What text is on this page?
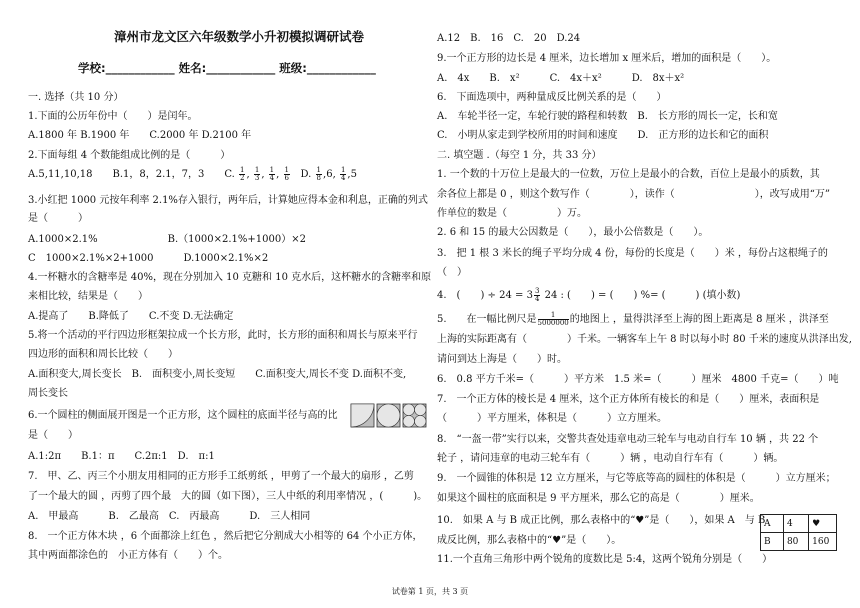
漳州市龙文区六年级数学小升初模拟调研试卷
学校:____________ 姓名:____________ 班级:____________
一. 选择（共 10 分）
1.下面的公历年份中（　　）是闰年。
A.1800 年 B.1900 年　　C.2000 年 D.2100 年
2.下面每组 4 个数能组成比例的是（　　　）
A.5,11,10,18　　B.1，8，2.1，7，3　　C. $\frac{1}{2}$ , $\frac{1}{3}$ , $\frac{1}{4}$ , $\frac{1}{6} D$. $\frac{1}{8} ,6$, $\frac{1}{4} ,5$
3.小红把 1000 元按年利率 2.1%存入银行，两年后，计算她应得本金和利息，正确的列式
是（　　　）
A.1000×2.1%　　　　　　　B.（1000×2.1%+1000）×2
C　1000×2.1%×2+1000　　　D.1000×2.1%×2
4.一杯糖水的含糖率是 40%，现在分别加入 10 克糖和 10 克水后，这杯糖水的含糖率和原
来相比较，结果是（　　）
A.提高了　　B.降低了　　C.不变 D.无法确定
5.将一个活动的平行四边形框架拉成一个长方形，此时，长方形的面积和周长与原来平行
四边形的面积和周长比较（　　）
A.面积变大,周长变长　B.　面积变小,周长变短　　C.面积变大,周长不变 D.面积不变,
周长变长
6.一个圆柱的侧面展开图是一个正方形，这个圆柱的底面半径与高的比
是（　　）
A.1:2π　　B.1：π　　C.2π:1　D.　π:1
7.　甲、乙、丙三个小朋友用相同的正方形手工纸剪纸 ，甲剪了一个最大的扇形 ，乙剪
了一个最大的圆 ，丙剪了四个最　大的圆（如下图），三人中纸的利用率情况 ，(　　　)。
A.　甲最高　　　B.　乙最高　C.　丙最高　　　D.　三人相同
8.　一个正方体木块 ，6 个面都涂上红色 ，然后把它分割成大小相等的 64 个小正方体，
其中两面都涂色的　小正方体有（　　）个。
A.12　B.　16　C.　20　D.24
9.一个正方形的边长是 4 厘米，边长增加 x 厘米后，增加的面积是（　　）。
A.　4x　　B.　x²　　　C.　4x＋x²　　　D.　8x＋x²
6.　下面选项中，两种量成反比例关系的是（　　）
A.　车轮半径一定，车轮行驶的路程和转数　B.　长方形的周长一定，长和宽
C.　小明从家走到学校所用的时间和速度　　D.　正方形的边长和它的面积
二. 填空题 .（每空 1 分，共 33 分）
1. 一个数的十万位上是最大的一位数，万位上是最小的合数，百位上是最小的质数，其
余各位上都是 0 ，则这个数写作（　　　　），读作（　　　　　　　　），改写成用“万”
作单位的数是（　　　　　）万。
2. 6 和 15 的最大公因数是（　　），最小公倍数是（　　）。
3.　把 1 根 3 米长的绳子平均分成 4 份，每份的长度是（　　）米 ，每份占这根绳子的
（　）
4.　(　　) ÷ $24 = 3 \frac{3}{4} 24$ : (　　) = (　　) %= (　　　) (填小数)
5.　　在一幅比例尺是 $\frac{1}{5000000}$ 的地图上 ，量得洪泽至上海的图上距离是 8 厘米 ，洪泽至
上海的实际距离有（　　　　）千米。一辆客车上午 8 时以每小时 80 千米的速度从洪泽出发,
请问到达上海是（　　）时。
6.　0.8 平方千米=（　　　）平方米　1.5 米=（　　　）厘米　4800 千克=（　　）吨
7.　一个正方体的棱长是 4 厘米，这个正方体所有棱长的和是（　　）厘米，表面积是
（　　　）平方厘米，体积是（　　　）立方厘米。
8.　“一盔一带”实行以来，交警共查处违章电动三轮车与电动自行车 10 辆 ，共 22 个
轮子 ，请问违章的电动三轮车有（　　　）辆 ，电动自行车有（　　　）辆。
9.　一个圆锥的体积是 12 立方厘米，与它等底等高的圆柱的体积是（　　　）立方厘米；
如果这个圆柱的底面积是 9 平方厘米，那么它的高是（　　　　）厘米。
10.　如果 A 与 B 成正比例，那么表格中的“♥”是（　　），如果 A　与 B
成反比例，那么表格中的“♥”是（　　）。
11.一个直角三角形中两个锐角的度数比是 5:4，这两个锐角分别是（　　）
A	4	♥
B	80	160
试卷第 1 页，共 3 页
